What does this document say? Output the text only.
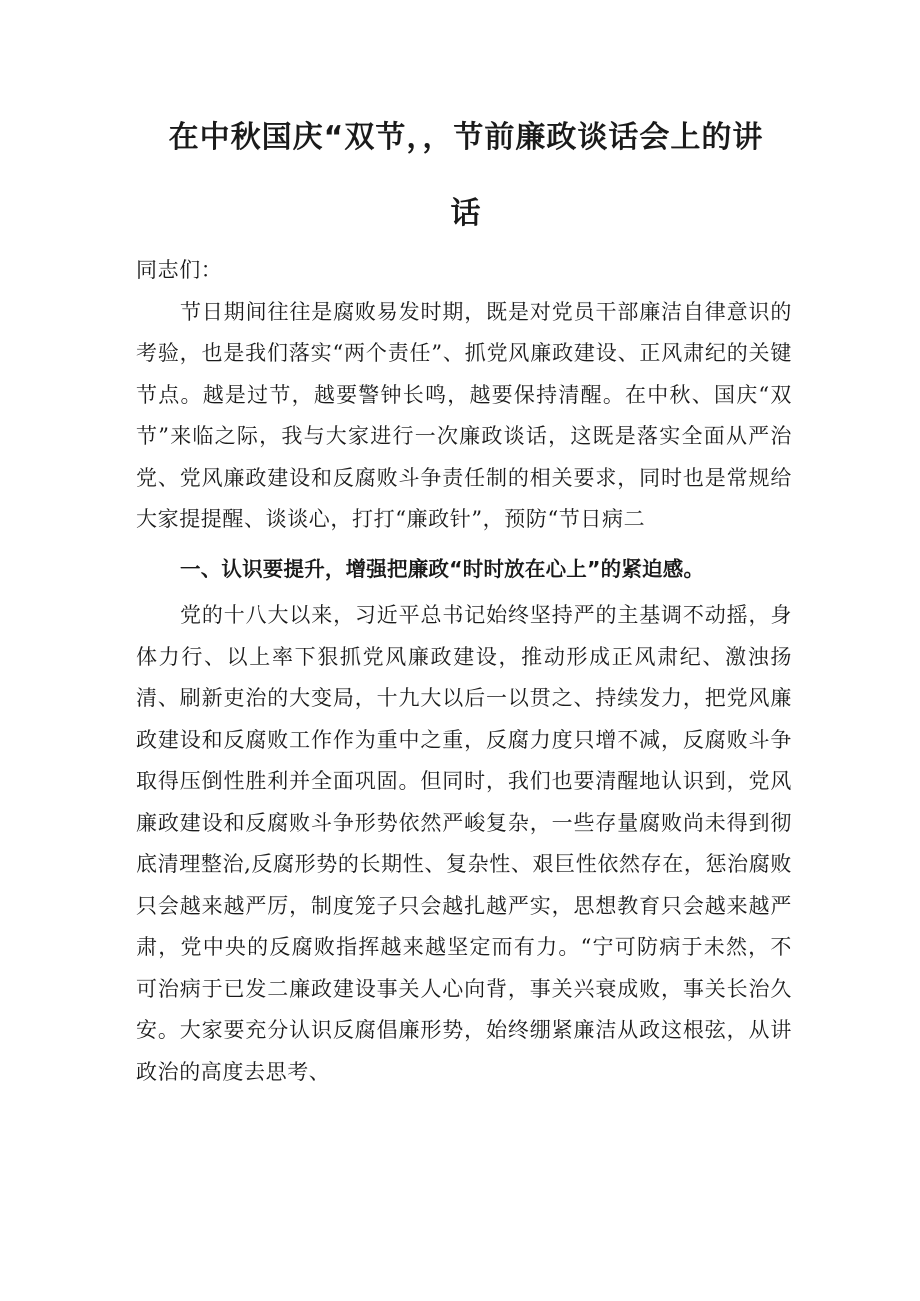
在中秋国庆“双节，，节前廉政谈话会上的讲
话

同志们：

节日期间往往是腐败易发时期，既是对党员干部廉洁自律意识的考验，也是我们落实“两个责任”、抓党风廉政建设、正风肃纪的关键节点。越是过节，越要警钟长鸣，越要保持清醒。在中秋、国庆“双节”来临之际，我与大家进行一次廉政谈话，这既是落实全面从严治党、党风廉政建设和反腐败斗争责任制的相关要求，同时也是常规给大家提提醒、谈谈心，打打“廉政针”，预防“节日病二

一、认识要提升，增强把廉政“时时放在心上”的紧迫感。

党的十八大以来，习近平总书记始终坚持严的主基调不动摇，身体力行、以上率下狠抓党风廉政建设，推动形成正风肃纪、激浊扬清、刷新吏治的大变局，十九大以后一以贯之、持续发力，把党风廉政建设和反腐败工作作为重中之重，反腐力度只增不减，反腐败斗争取得压倒性胜利并全面巩固。但同时，我们也要清醒地认识到，党风廉政建设和反腐败斗争形势依然严峻复杂，一些存量腐败尚未得到彻底清理整治,反腐形势的长期性、复杂性、艰巨性依然存在，惩治腐败只会越来越严厉，制度笼子只会越扎越严实，思想教育只会越来越严肃，党中央的反腐败指挥越来越坚定而有力。“宁可防病于未然，不可治病于已发二廉政建设事关人心向背，事关兴衰成败，事关长治久安。大家要充分认识反腐倡廉形势，始终绷紧廉洁从政这根弦，从讲政治的高度去思考、
